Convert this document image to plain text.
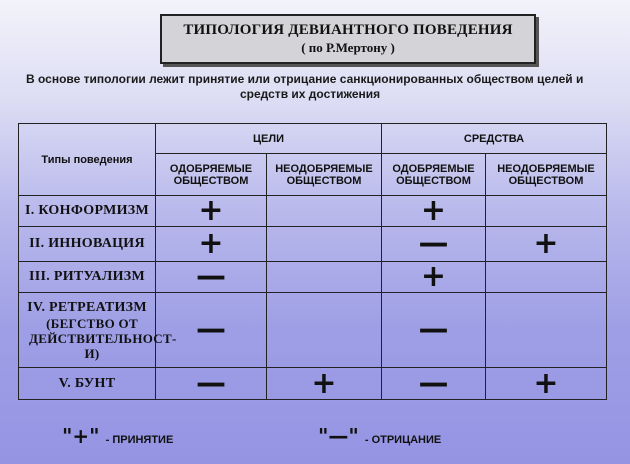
ТИПОЛОГИЯ ДЕВИАНТНОГО ПОВЕДЕНИЯ
( по Р.Мертону )
В основе типологии лежит принятие или отрицание санкционированных обществом целей и
средств их достижения
Типы поведения	ЦЕЛИ		СРЕДСТВА	
	ОДОБРЯЕМЫЕ ОБЩЕСТВОМ	НЕОДОБРЯЕМЫЕ ОБЩЕСТВОМ	ОДОБРЯЕМЫЕ ОБЩЕСТВОМ	НЕОДОБРЯЕМЫЕ ОБЩЕСТВОМ
I. КОНФОРМИЗМ	+		+	
II. ИННОВАЦИЯ	+		—	+
III. РИТУАЛИЗМ	—		+	

IV. РЕТРЕАТИЗМ
(БЕГСТВО ОТ ДЕЙСТВИТЕЛЬНОСТ-И)	—		—	
V. БУНТ	—	+	—	+
"+" - ПРИНЯТИЕ	"—" - ОТРИЦАНИЕ
